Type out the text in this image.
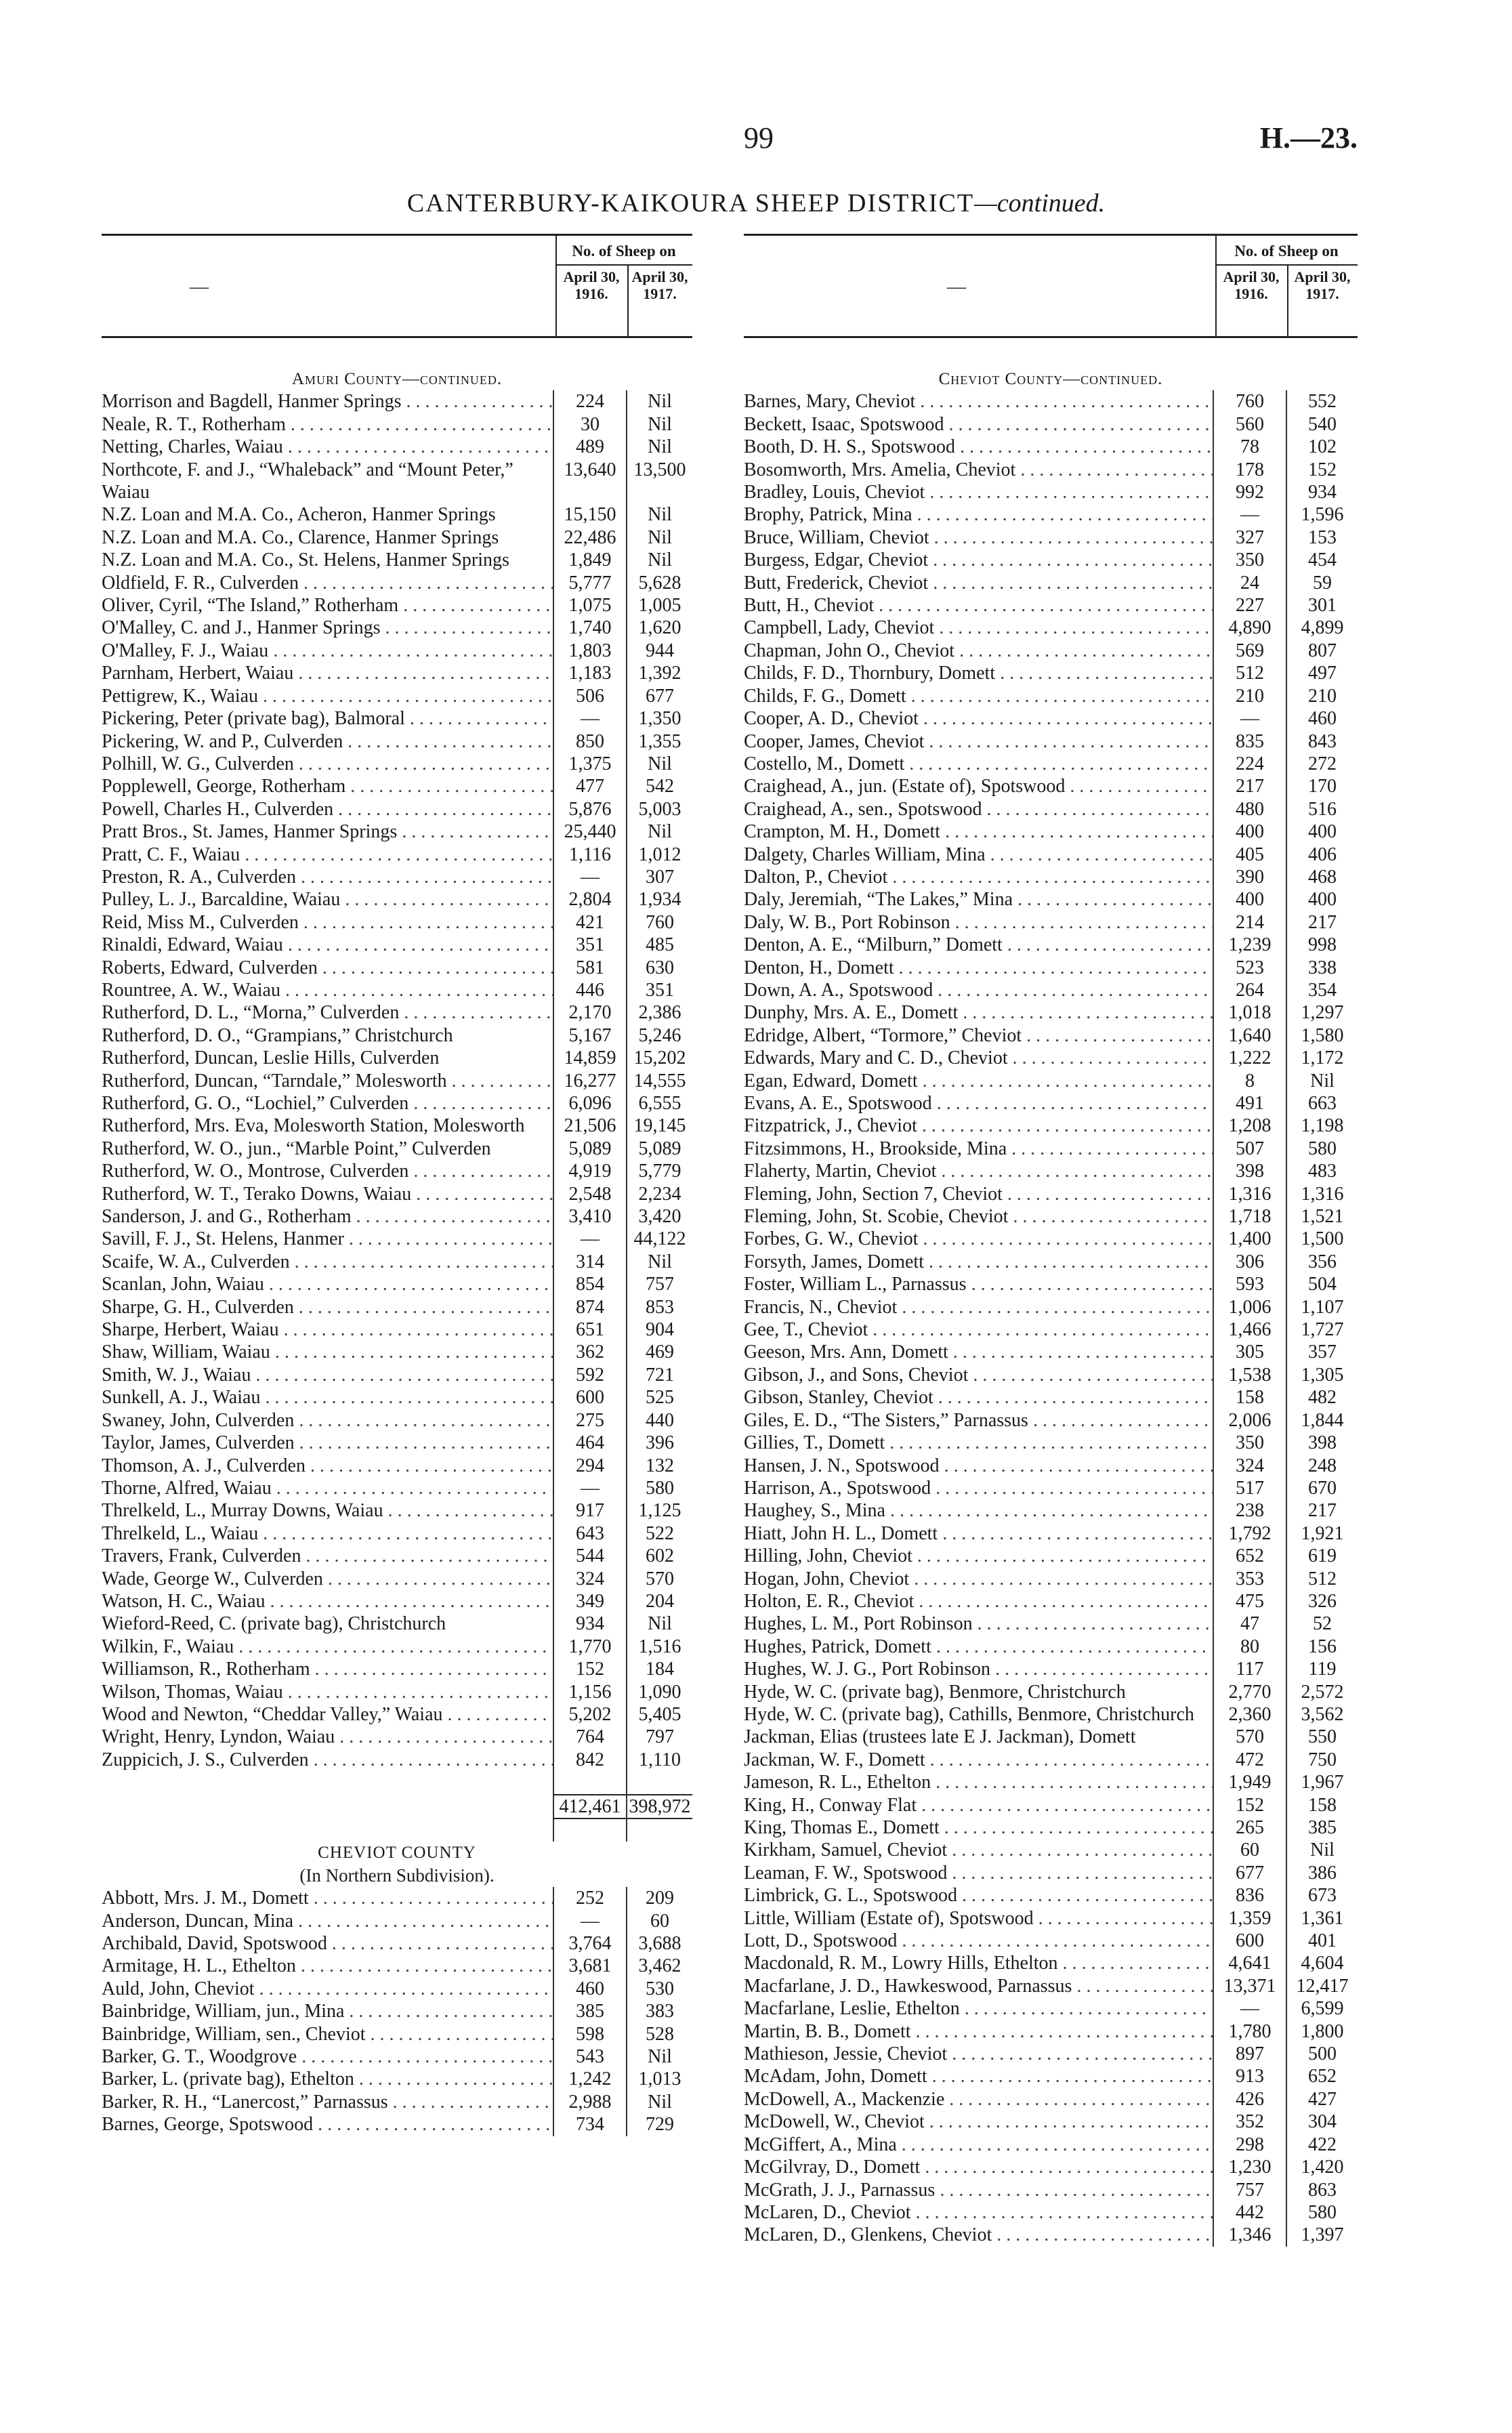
99	H.—23.
CANTERBURY-KAIKOURA SHEEP DISTRICT—continued.
—
No. of Sheep on
April 30, 1916.
April 30, 1917.
Amuri County—continued.
Morrison and Bagdell, Hanmer Springs . . .	224	Nil
Neale, R. T., Rotherham . . .	30	Nil
Netting, Charles, Waiau . . .	489	Nil
Northcote, F. and J., “Whaleback” and “Mount Peter,” Waiau
13,640 13,500
N.Z. Loan and M.A. Co., Acheron, Hanmer Springs	15,150	Nil
N.Z. Loan and M.A. Co., Clarence, Hanmer Springs	22,486	Nil
N.Z. Loan and M.A. Co., St. Helens, Hanmer Springs	1,849	Nil
Oldfield, F. R., Culverden . . .	5,777	5,628
Oliver, Cyril, “The Island,” Rotherham . . .	1,075	1,005
O'Malley, C. and J., Hanmer Springs . . .	1,740	1,620
O'Malley, F. J., Waiau . . .	1,803	944
Parnham, Herbert, Waiau . . .	1,183	1,392
Pettigrew, K., Waiau . . .	506	677
Pickering, Peter (private bag), Balmoral . . .	—	1,350
Pickering, W. and P., Culverden . . .	850	1,355
Polhill, W. G., Culverden . . .	1,375	Nil
Popplewell, George, Rotherham . . .	477	542
Powell, Charles H., Culverden . . .	5,876	5,003
Pratt Bros., St. James, Hanmer Springs . . .	25,440	Nil
Pratt, C. F., Waiau . . .	1,116	1,012
Preston, R. A., Culverden . . .	—	307
Pulley, L. J., Barcaldine, Waiau . . .	2,804	1,934
Reid, Miss M., Culverden . . .	421	760
Rinaldi, Edward, Waiau . . .	351	485
Roberts, Edward, Culverden . . .	581	630
Rountree, A. W., Waiau . . .	446	351
Rutherford, D. L., “Morna,” Culverden . . .	2,170	2,386
Rutherford, D. O., “Grampians,” Christchurch	5,167	5,246
Rutherford, Duncan, Leslie Hills, Culverden	14,859 15,202
Rutherford, Duncan, “Tarndale,” Molesworth . . .	16,277 14,555
Rutherford, G. O., “Lochiel,” Culverden . . .	6,096	6,555
Rutherford, Mrs. Eva, Molesworth Station, Molesworth	21,506 19,145
Rutherford, W. O., jun., “Marble Point,” Culverden	5,089	5,089
Rutherford, W. O., Montrose, Culverden . . .	4,919	5,779
Rutherford, W. T., Terako Downs, Waiau . . .	2,548	2,234
Sanderson, J. and G., Rotherham . . .	3,410	3,420
Savill, F. J., St. Helens, Hanmer . . .	—	44,122
Scaife, W. A., Culverden . . .	314	Nil
Scanlan, John, Waiau . . .	854	757
Sharpe, G. H., Culverden . . .	874	853
Sharpe, Herbert, Waiau . . .	651	904
Shaw, William, Waiau . . .	362	469
Smith, W. J., Waiau . . .	592	721
Sunkell, A. J., Waiau . . .	600	525
Swaney, John, Culverden . . .	275	440
Taylor, James, Culverden . . .	464	396
Thomson, A. J., Culverden . . .	294	132
Thorne, Alfred, Waiau . . .	—	580
Threlkeld, L., Murray Downs, Waiau . . .	917	1,125
Threlkeld, L., Waiau . . .	643	522
Travers, Frank, Culverden . . .	544	602
Wade, George W., Culverden . . .	324	570
Watson, H. C., Waiau . . .	349	204
Wieford-Reed, C. (private bag), Christchurch	934	Nil
Wilkin, F., Waiau . . .	1,770	1,516
Williamson, R., Rotherham . . .	152	184
Wilson, Thomas, Waiau . . .	1,156	1,090
Wood and Newton, “Cheddar Valley,” Waiau . . .	5,202	5,405
Wright, Henry, Lyndon, Waiau . . .	764	797
Zuppicich, J. S., Culverden . . .	842	1,110
412,461 398,972
CHEVIOT COUNTY
(In Northern Subdivision).
Abbott, Mrs. J. M., Domett . . .	252	209
Anderson, Duncan, Mina . . .	—	60
Archibald, David, Spotswood . . .	3,764	3,688
Armitage, H. L., Ethelton . . .	3,681	3,462
Auld, John, Cheviot . . .	460	530
Bainbridge, William, jun., Mina . . .	385	383
Bainbridge, William, sen., Cheviot . . .	598	528
Barker, G. T., Woodgrove . . .	543	Nil
Barker, L. (private bag), Ethelton . . .	1,242	1,013
Barker, R. H., “Lanercost,” Parnassus . . .	2,988	Nil
Barnes, George, Spotswood . . .	734	729
—
No. of Sheep on
April 30, 1916.
April 30, 1917.
Cheviot County—continued.
Barnes, Mary, Cheviot . . .	760	552
Beckett, Isaac, Spotswood . . .	560	540
Booth, D. H. S., Spotswood . . .	78	102
Bosomworth, Mrs. Amelia, Cheviot . . .	178	152
Bradley, Louis, Cheviot . . .	992	934
Brophy, Patrick, Mina . . .	—	1,596
Bruce, William, Cheviot . . .	327	153
Burgess, Edgar, Cheviot . . .	350	454
Butt, Frederick, Cheviot . . .	24	59
Butt, H., Cheviot . . .	227	301
Campbell, Lady, Cheviot . . .	4,890	4,899
Chapman, John O., Cheviot . . .	569	807
Childs, F. D., Thornbury, Domett . . .	512	497
Childs, F. G., Domett . . .	210	210
Cooper, A. D., Cheviot . . .	—	460
Cooper, James, Cheviot . . .	835	843
Costello, M., Domett . . .	224	272
Craighead, A., jun. (Estate of), Spotswood . . .	217	170
Craighead, A., sen., Spotswood . . .	480	516
Crampton, M. H., Domett . . .	400	400
Dalgety, Charles William, Mina . . .	405	406
Dalton, P., Cheviot . . .	390	468
Daly, Jeremiah, “The Lakes,” Mina . . .	400	400
Daly, W. B., Port Robinson . . .	214	217
Denton, A. E., “Milburn,” Domett . . .	1,239	998
Denton, H., Domett . . .	523	338
Down, A. A., Spotswood . . .	264	354
Dunphy, Mrs. A. E., Domett . . .	1,018	1,297
Edridge, Albert, “Tormore,” Cheviot . . .	1,640	1,580
Edwards, Mary and C. D., Cheviot . . .	1,222	1,172
Egan, Edward, Domett . . .	8	Nil
Evans, A. E., Spotswood . . .	491	663
Fitzpatrick, J., Cheviot . . .	1,208	1,198
Fitzsimmons, H., Brookside, Mina . . .	507	580
Flaherty, Martin, Cheviot . . .	398	483
Fleming, John, Section 7, Cheviot . . .	1,316	1,316
Fleming, John, St. Scobie, Cheviot . . .	1,718	1,521
Forbes, G. W., Cheviot . . .	1,400	1,500
Forsyth, James, Domett . . .	306	356
Foster, William L., Parnassus . . .	593	504
Francis, N., Cheviot . . .	1,006	1,107
Gee, T., Cheviot . . .	1,466	1,727
Geeson, Mrs. Ann, Domett . . .	305	357
Gibson, J., and Sons, Cheviot . . .	1,538	1,305
Gibson, Stanley, Cheviot . . .	158	482
Giles, E. D., “The Sisters,” Parnassus . . .	2,006	1,844
Gillies, T., Domett . . .	350	398
Hansen, J. N., Spotswood . . .	324	248
Harrison, A., Spotswood . . .	517	670
Haughey, S., Mina . . .	238	217
Hiatt, John H. L., Domett . . .	1,792	1,921
Hilling, John, Cheviot . . .	652	619
Hogan, John, Cheviot . . .	353	512
Holton, E. R., Cheviot . . .	475	326
Hughes, L. M., Port Robinson . . .	47	52
Hughes, Patrick, Domett . . .	80	156
Hughes, W. J. G., Port Robinson . . .	117	119
Hyde, W. C. (private bag), Benmore, Christchurch	2,770	2,572
Hyde, W. C. (private bag), Cathills, Benmore, Christchurch	2,360	3,562
Jackman, Elias (trustees late E J. Jackman), Domett	570	550
Jackman, W. F., Domett . . .	472	750
Jameson, R. L., Ethelton . . .	1,949	1,967
King, H., Conway Flat . . .	152	158
King, Thomas E., Domett . . .	265	385
Kirkham, Samuel, Cheviot . . .	60	Nil
Leaman, F. W., Spotswood . . .	677	386
Limbrick, G. L., Spotswood . . .	836	673
Little, William (Estate of), Spotswood . . .	1,359	1,361
Lott, D., Spotswood . . .	600	401
Macdonald, R. M., Lowry Hills, Ethelton . . .	4,641	4,604
Macfarlane, J. D., Hawkeswood, Parnassus . . .	13,371	12,417
Macfarlane, Leslie, Ethelton . . .	—	6,599
Martin, B. B., Domett . . .	1,780	1,800
Mathieson, Jessie, Cheviot . . .	897	500
McAdam, John, Domett . . .	913	652
McDowell, A., Mackenzie . . .	426	427
McDowell, W., Cheviot . . .	352	304
McGiffert, A., Mina . . .	298	422
McGilvray, D., Domett . . .	1,230	1,420
McGrath, J. J., Parnassus . . .	757	863
McLaren, D., Cheviot . . .	442	580
McLaren, D., Glenkens, Cheviot . . .	1,346	1,397
